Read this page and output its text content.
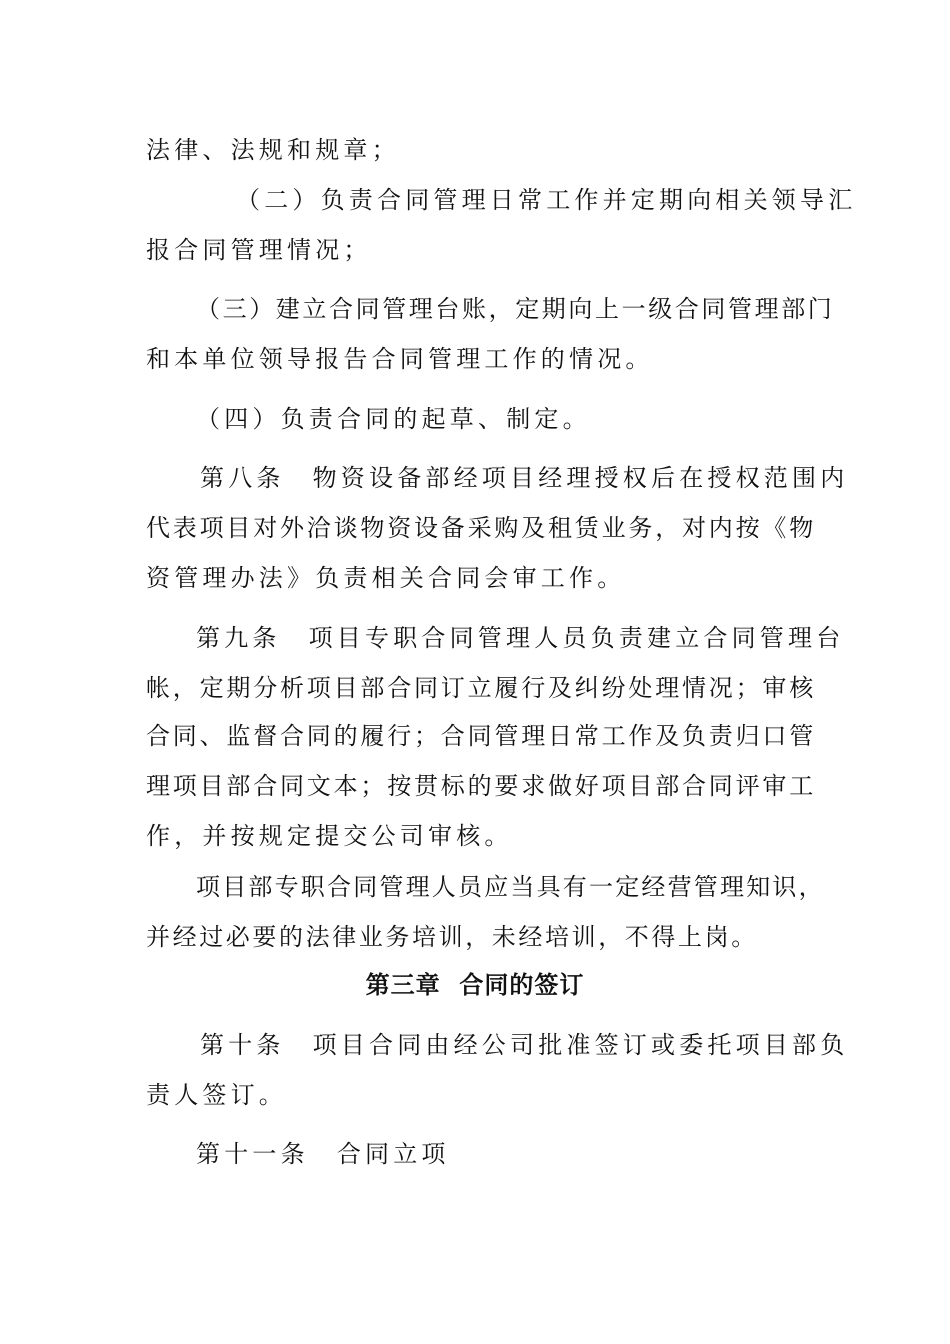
法律、法规和规章；
（二）负责合同管理日常工作并定期向相关领导汇
报合同管理情况；
（三）建立合同管理台账，定期向上一级合同管理部门
和本单位领导报告合同管理工作的情况。
（四）负责合同的起草、制定。
第八条 物资设备部经项目经理授权后在授权范围内
代表项目对外洽谈物资设备采购及租赁业务，对内按《物
资管理办法》负责相关合同会审工作。
第九条 项目专职合同管理人员负责建立合同管理台
帐，定期分析项目部合同订立履行及纠纷处理情况；审核
合同、监督合同的履行；合同管理日常工作及负责归口管
理项目部合同文本；按贯标的要求做好项目部合同评审工
作，并按规定提交公司审核。
项目部专职合同管理人员应当具有一定经营管理知识，
并经过必要的法律业务培训，未经培训，不得上岗。
第三章  合同的签订
第十条 项目合同由经公司批准签订或委托项目部负
责人签订。
第十一条 合同立项
